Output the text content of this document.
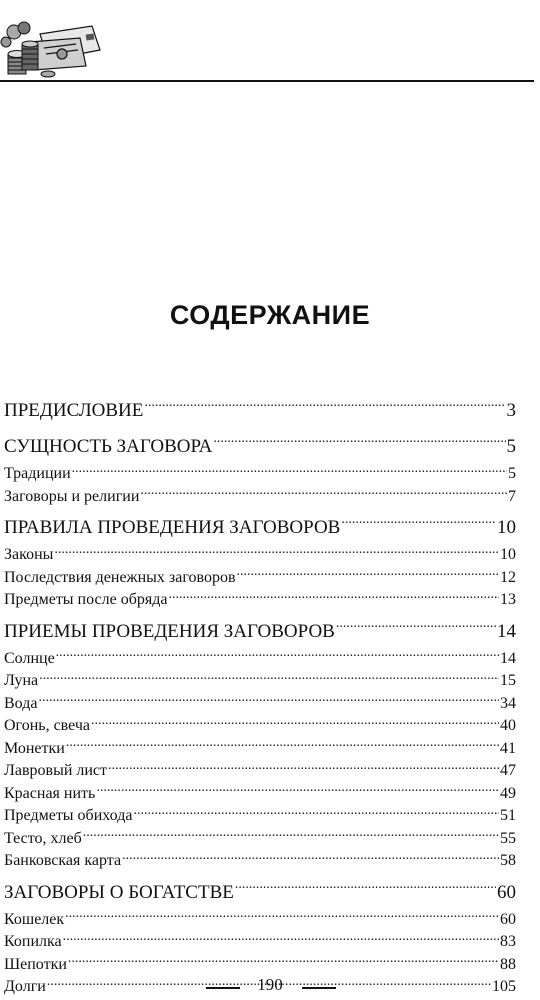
СОДЕРЖАНИЕ
ПРЕДИСЛОВИЕ .....	3
СУЩНОСТЬ ЗАГОВОРА .....	5
Традиции .....	5
Заговоры и религии .....	7
ПРАВИЛА ПРОВЕДЕНИЯ ЗАГОВОРОВ .....	10
Законы .....	10
Последствия денежных заговоров .....	12
Предметы после обряда .....	13
ПРИЕМЫ ПРОВЕДЕНИЯ ЗАГОВОРОВ .....	14
Солнце .....	14
Луна .....	15
Вода .....	34
Огонь, свеча .....	40
Монетки .....	41
Лавровый лист .....	47
Красная нить .....	49
Предметы обихода .....	51
Тесто, хлеб .....	55
Банковская карта .....	58
ЗАГОВОРЫ О БОГАТСТВЕ .....	60
Кошелек .....	60
Копилка .....	83
Шепотки .....	88
Долги .....	105
190
